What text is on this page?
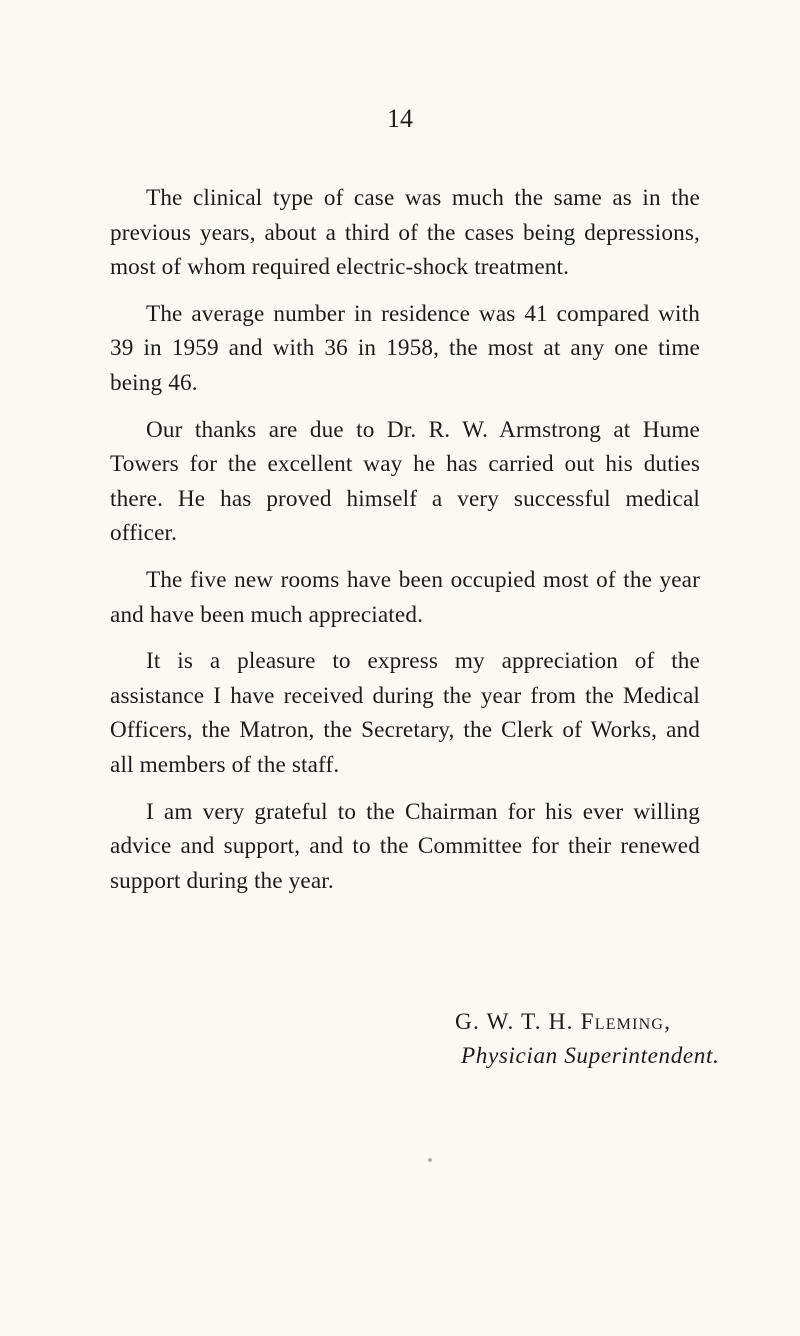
14

The clinical type of case was much the same as in the previous years, about a third of the cases being depressions, most of whom required electric-shock treatment.

The average number in residence was 41 compared with 39 in 1959 and with 36 in 1958, the most at any one time being 46.

Our thanks are due to Dr. R. W. Armstrong at Hume Towers for the excellent way he has carried out his duties there. He has proved himself a very successful medical officer.

The five new rooms have been occupied most of the year and have been much appreciated.

It is a pleasure to express my appreciation of the assistance I have received during the year from the Medical Officers, the Matron, the Secretary, the Clerk of Works, and all members of the staff.

I am very grateful to the Chairman for his ever willing advice and support, and to the Committee for their renewed support during the year.

G. W. T. H. Fleming,

Physician Superintendent.
